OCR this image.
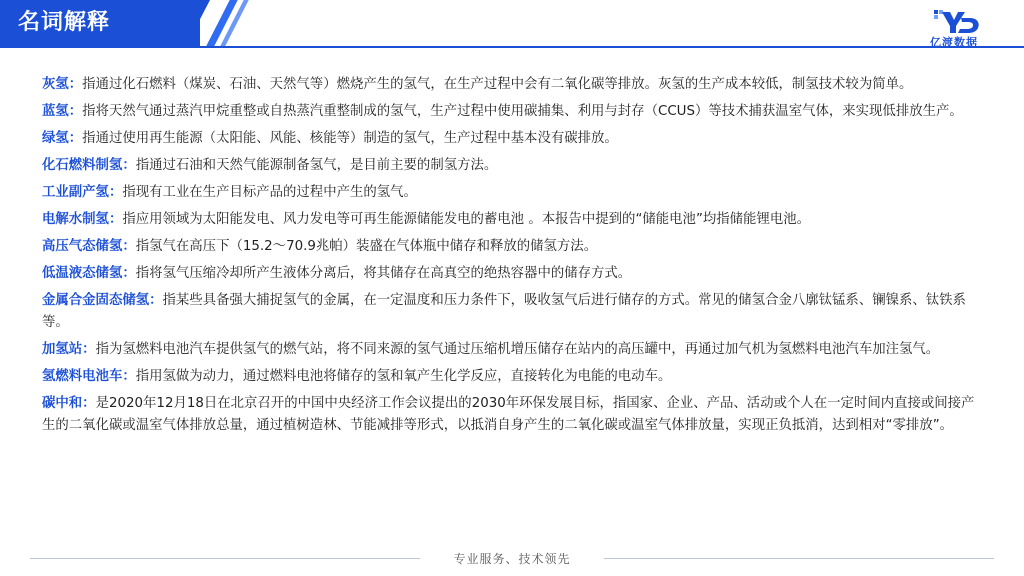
名词解释
亿渡数据

灰氢：指通过化石燃料（煤炭、石油、天然气等）燃烧产生的氢气，在生产过程中会有二氧化碳等排放。灰氢的生产成本较低，制氢技术较为简单。

蓝氢：指将天然气通过蒸汽甲烷重整或自热蒸汽重整制成的氢气，生产过程中使用碳捕集、利用与封存（CCUS）等技术捕获温室气体，来实现低排放生产。

绿氢：指通过使用再生能源（太阳能、风能、核能等）制造的氢气，生产过程中基本没有碳排放。

化石燃料制氢：指通过石油和天然气能源制备氢气，是目前主要的制氢方法。

工业副产氢：指现有工业在生产目标产品的过程中产生的氢气。

电解水制氢：指应用领域为太阳能发电、风力发电等可再生能源储能发电的蓄电池 。本报告中提到的“储能电池”均指储能锂电池。

高压气态储氢：指氢气在高压下（15.2～70.9兆帕）装盛在气体瓶中储存和释放的储氢方法。

低温液态储氢：指将氢气压缩冷却所产生液体分离后，将其储存在高真空的绝热容器中的储存方式。

金属合金固态储氢：指某些具备强大捕捉氢气的金属，在一定温度和压力条件下，吸收氢气后进行储存的方式。常见的储氢合金八廓钛锰系、镧镍系、钛铁系等。

加氢站：指为氢燃料电池汽车提供氢气的燃气站，将不同来源的氢气通过压缩机增压储存在站内的高压罐中，再通过加气机为氢燃料电池汽车加注氢气。

氢燃料电池车：指用氢做为动力，通过燃料电池将储存的氢和氧产生化学反应，直接转化为电能的电动车。

碳中和：是2020年12月18日在北京召开的中国中央经济工作会议提出的2030年环保发展目标，指国家、企业、产品、活动或个人在一定时间内直接或间接产生的二氧化碳或温室气体排放总量，通过植树造林、节能减排等形式，以抵消自身产生的二氧化碳或温室气体排放量，实现正负抵消，达到相对“零排放”。

专业服务、技术领先
